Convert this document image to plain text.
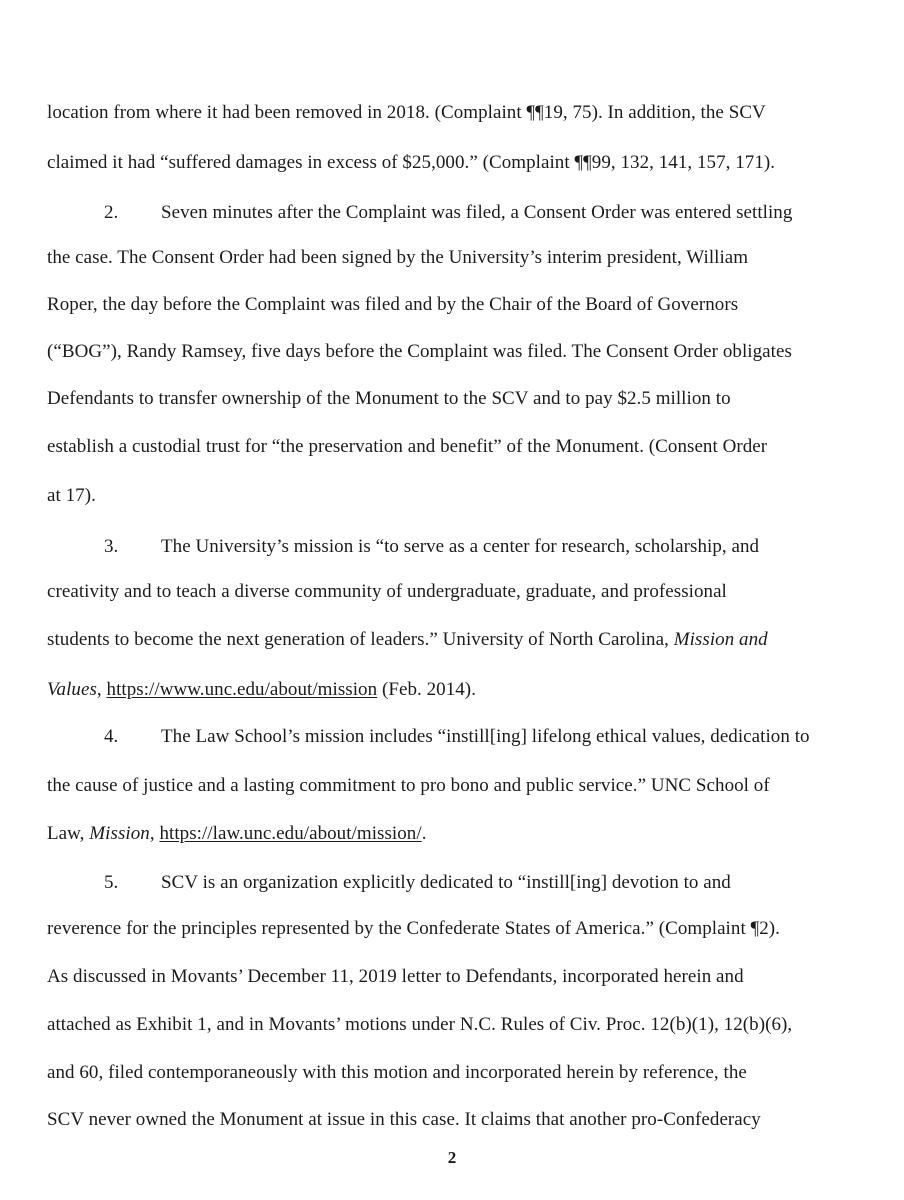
location from where it had been removed in 2018. (Complaint ¶¶19, 75). In addition, the SCV
claimed it had “suffered damages in excess of $25,000.” (Complaint ¶¶99, 132, 141, 157, 171).
2. Seven minutes after the Complaint was filed, a Consent Order was entered settling
the case. The Consent Order had been signed by the University’s interim president, William
Roper, the day before the Complaint was filed and by the Chair of the Board of Governors
(“BOG”), Randy Ramsey, five days before the Complaint was filed. The Consent Order obligates
Defendants to transfer ownership of the Monument to the SCV and to pay $2.5 million to
establish a custodial trust for “the preservation and benefit” of the Monument. (Consent Order
at 17).
3. The University’s mission is “to serve as a center for research, scholarship, and
creativity and to teach a diverse community of undergraduate, graduate, and professional
students to become the next generation of leaders.” University of North Carolina, Mission and
Values, https://www.unc.edu/about/mission (Feb. 2014).
4. The Law School’s mission includes “instill[ing] lifelong ethical values, dedication to
the cause of justice and a lasting commitment to pro bono and public service.” UNC School of
Law, Mission, https://law.unc.edu/about/mission/.
5. SCV is an organization explicitly dedicated to “instill[ing] devotion to and
reverence for the principles represented by the Confederate States of America.” (Complaint ¶2).
As discussed in Movants’ December 11, 2019 letter to Defendants, incorporated herein and
attached as Exhibit 1, and in Movants’ motions under N.C. Rules of Civ. Proc. 12(b)(1), 12(b)(6),
and 60, filed contemporaneously with this motion and incorporated herein by reference, the
SCV never owned the Monument at issue in this case. It claims that another pro-Confederacy
2
